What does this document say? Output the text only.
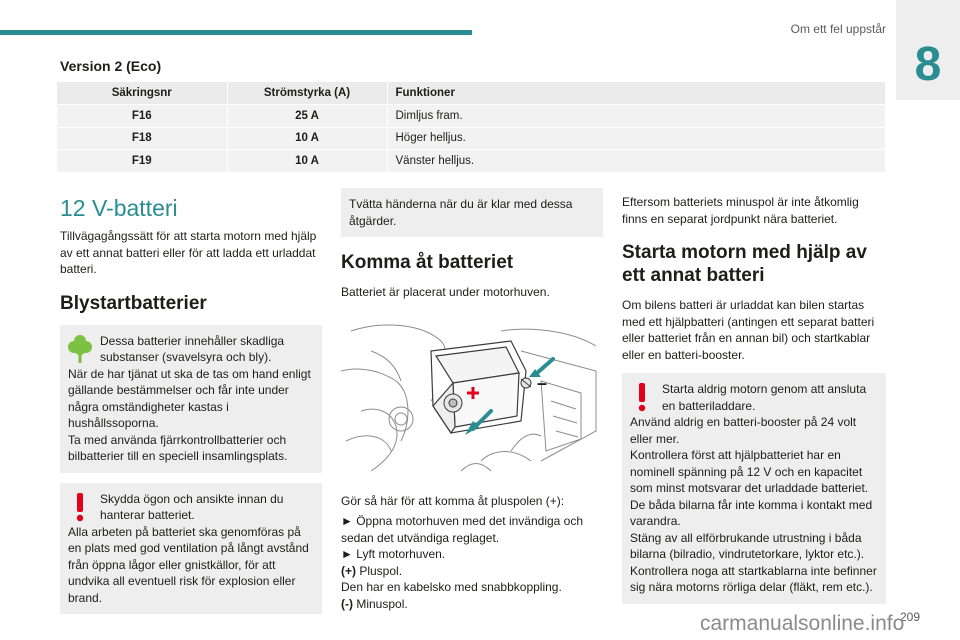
Om ett fel uppstår
8
Version 2 (Eco)
Säkringsnr	Strömstyrka (A)	Funktioner
F16	25 A	Dimljus fram.
F18	10 A	Höger helljus.
F19	10 A	Vänster helljus.
12 V-batteri
Tillvägagångssätt för att starta motorn med hjälp av ett annat batteri eller för att ladda ett urladdat batteri.
Blystartbatterier
Dessa batterier innehåller skadliga substanser (svavelsyra och bly).
När de har tjänat ut ska de tas om hand enligt gällande bestämmelser och får inte under några omständigheter kastas i hushållssoporna.
Ta med använda fjärrkontrollbatterier och bilbatterier till en speciell insamlingsplats.
Skydda ögon och ansikte innan du hanterar batteriet.
Alla arbeten på batteriet ska genomföras på en plats med god ventilation på långt avstånd från öppna lågor eller gnistkällor, för att undvika all eventuell risk för explosion eller brand.
Tvätta händerna när du är klar med dessa åtgärder.
Komma åt batteriet
Batteriet är placerat under motorhuven.
–
Gör så här för att komma åt pluspolen (+):
► Öppna motorhuven med det invändiga och sedan det utvändiga reglaget.
► Lyft motorhuven.
(+) Pluspol.
Den har en kabelsko med snabbkoppling.
(-) Minuspol.
Eftersom batteriets minuspol är inte åtkomlig finns en separat jordpunkt nära batteriet.
Starta motorn med hjälp av ett annat batteri
Om bilens batteri är urladdat kan bilen startas med ett hjälpbatteri (antingen ett separat batteri eller batteriet från en annan bil) och startkablar eller en batteri-booster.
Starta aldrig motorn genom att ansluta en batteriladdare.
Använd aldrig en batteri-booster på 24 volt eller mer.
Kontrollera först att hjälpbatteriet har en nominell spänning på 12 V och en kapacitet som minst motsvarar det urladdade batteriet.
De båda bilarna får inte komma i kontakt med varandra.
Stäng av all elförbrukande utrustning i båda bilarna (bilradio, vindrutetorkare, lyktor etc.).
Kontrollera noga att startkablarna inte befinner sig nära motorns rörliga delar (fläkt, rem etc.).
209
carmanualsonline.info
